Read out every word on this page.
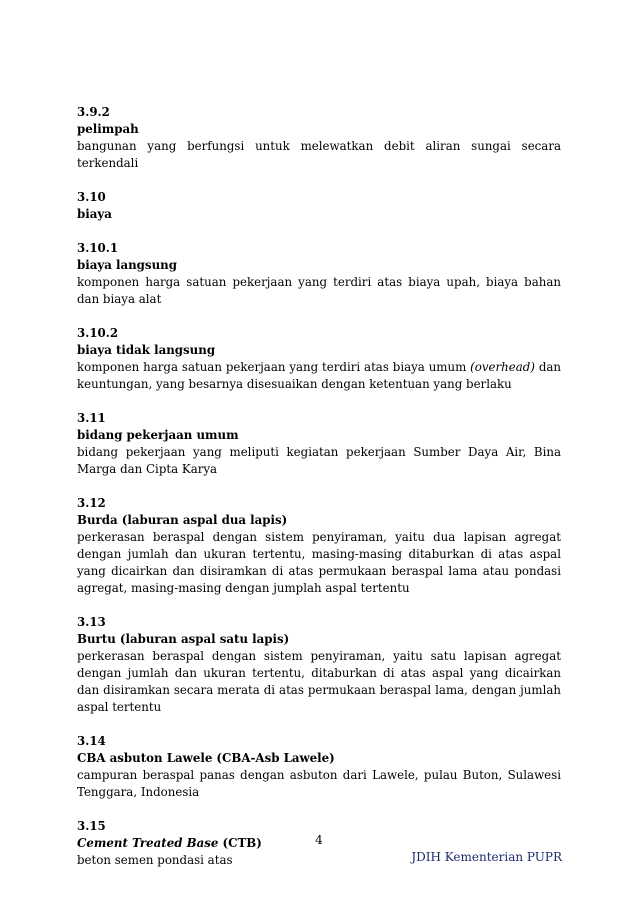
3.9.2
pelimpah
bangunan yang berfungsi untuk melewatkan debit aliran sungai secara terkendali
3.10
biaya
3.10.1
biaya langsung
komponen harga satuan pekerjaan yang terdiri atas biaya upah, biaya bahan dan biaya alat
3.10.2
biaya tidak langsung
komponen harga satuan pekerjaan yang terdiri atas biaya umum (overhead) dan keuntungan, yang besarnya disesuaikan dengan ketentuan yang berlaku
3.11
bidang pekerjaan umum
bidang pekerjaan yang meliputi kegiatan pekerjaan Sumber Daya Air, Bina Marga dan Cipta Karya
3.12
Burda (laburan aspal dua lapis)
perkerasan beraspal dengan sistem penyiraman, yaitu dua lapisan agregat dengan jumlah dan ukuran tertentu, masing-masing ditaburkan di atas aspal yang dicairkan dan disiramkan di atas permukaan beraspal lama atau pondasi agregat, masing-masing dengan jumplah aspal tertentu
3.13
Burtu (laburan aspal satu lapis)
perkerasan beraspal dengan sistem penyiraman, yaitu satu lapisan agregat dengan jumlah dan ukuran tertentu, ditaburkan di atas aspal yang dicairkan dan disiramkan secara merata di atas permukaan beraspal lama, dengan jumlah aspal tertentu
3.14
CBA asbuton Lawele (CBA-Asb Lawele)
campuran beraspal panas dengan asbuton dari Lawele, pulau Buton, Sulawesi Tenggara, Indonesia
3.15
Cement Treated Base (CTB)
beton semen pondasi atas
4
JDIH Kementerian PUPR
